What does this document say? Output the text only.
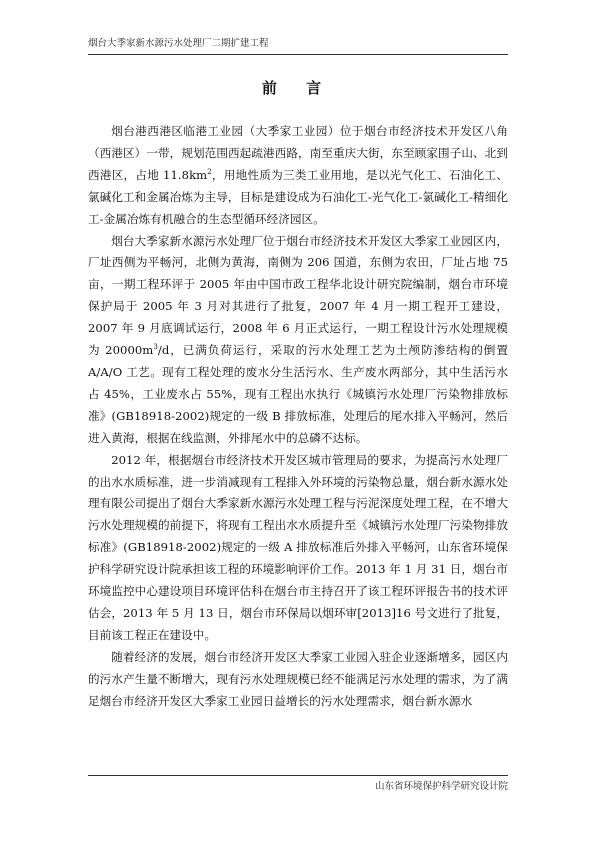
烟台大季家新水源污水处理厂二期扩建工程
前 言

烟台港西港区临港工业园（大季家工业园）位于烟台市经济技术开发区八角（西港区）一带，规划范围西起疏港西路，南至重庆大街，东至顾家围子山、北到西港区，占地 $11.8km^2$，用地性质为三类工业用地，是以光气化工、石油化工、氯碱化工和金属冶炼为主导，目标是建设成为石油化工-光气化工-氯碱化工-精细化工-金属冶炼有机融合的生态型循环经济园区。

烟台大季家新水源污水处理厂位于烟台市经济技术开发区大季家工业园区内，厂址西侧为平畅河，北侧为黄海，南侧为 206 国道，东侧为农田，厂址占地 75 亩，一期工程环评于 2005 年由中国市政工程华北设计研究院编制，烟台市环境保护局于 2005 年 3 月对其进行了批复，2007 年 4 月一期工程开工建设，2007 年 9 月底调试运行，2008 年 6 月正式运行，一期工程设计污水处理规模为 $20000m^3/d$，已满负荷运行，采取的污水处理工艺为土颅防渗结构的倒置 A/A/O 工艺。现有工程处理的废水分生活污水、生产废水两部分，其中生活污水占 45%，工业废水占 55%，现有工程出水执行《城镇污水处理厂污染物排放标准》(GB18918-2002)规定的一级 B 排放标准，处理后的尾水排入平畅河，然后进入黄海，根据在线监测，外排尾水中的总磷不达标。

2012 年，根据烟台市经济技术开发区城市管理局的要求，为提高污水处理厂的出水水质标准，进一步消减现有工程排入外环境的污染物总量，烟台新水源水处理有限公司提出了烟台大季家新水源污水处理工程与污泥深度处理工程，在不增大污水处理规模的前提下，将现有工程出水水质提升至《城镇污水处理厂污染物排放标准》(GB18918-2002)规定的一级 A 排放标准后外排入平畅河，山东省环境保护科学研究设计院承担该工程的环境影响评价工作。2013 年 1 月 31 日，烟台市环境监控中心建设项目环境评估科在烟台市主持召开了该工程环评报告书的技术评估会，2013 年 5 月 13 日，烟台市环保局以烟环审[2013]16 号文进行了批复，目前该工程正在建设中。

随着经济的发展，烟台市经济开发区大季家工业园入驻企业逐渐增多，园区内的污水产生量不断增大，现有污水处理规模已经不能满足污水处理的需求，为了满足烟台市经济开发区大季家工业园日益增长的污水处理需求，烟台新水源水

山东省环境保护科学研究设计院
